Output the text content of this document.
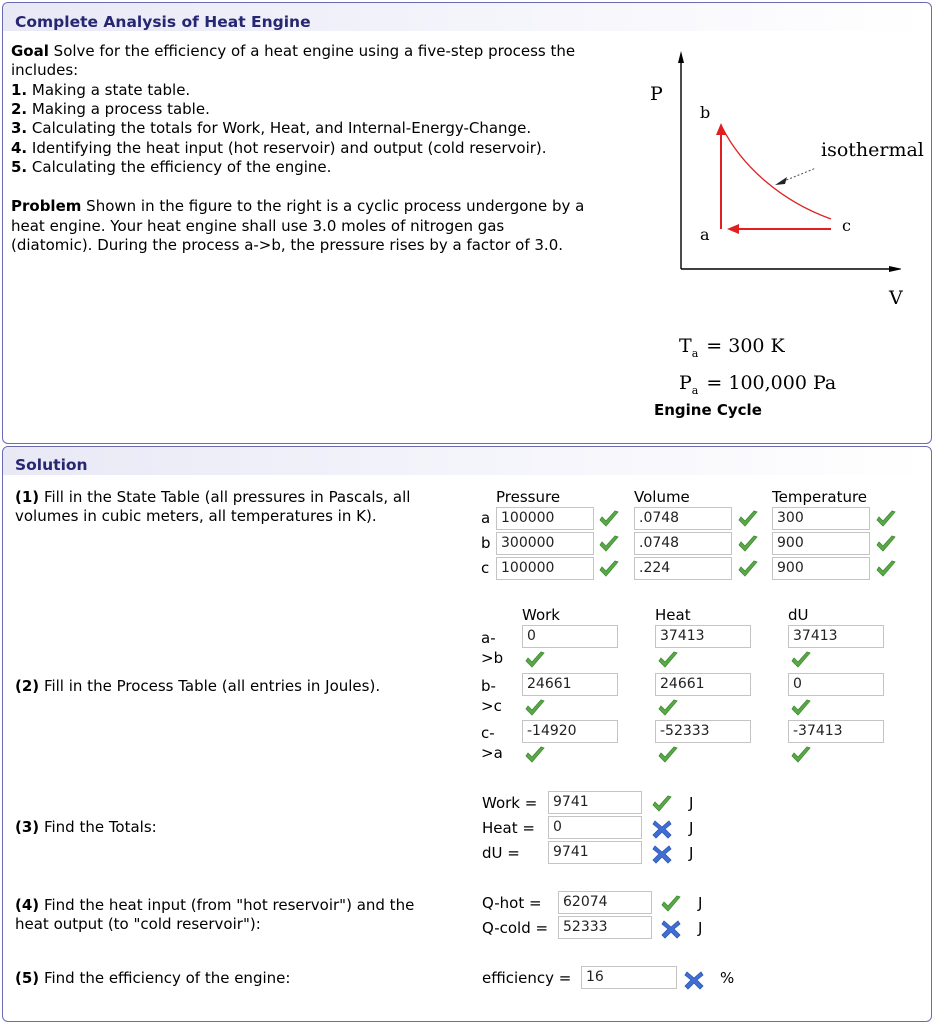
Complete Analysis of Heat Engine
Goal Solve for the efficiency of a heat engine using a five-step process the
includes:
1. Making a state table.
2. Making a process table.
3. Calculating the totals for Work, Heat, and Internal-Energy-Change.
4. Identifying the heat input (hot reservoir) and output (cold reservoir).
5. Calculating the efficiency of the engine.
Problem Shown in the figure to the right is a cyclic process undergone by a
heat engine. Your heat engine shall use 3.0 moles of nitrogen gas
(diatomic). During the process a->b, the pressure rises by a factor of 3.0.
P
V
b
a	c
isothermal
$T_a = 300$ K
$P_a = 100,000$ Pa
Engine Cycle
Solution
(1) Fill in the State Table (all pressures in Pascals, all
volumes in cubic meters, all temperatures in K).
Pressure	Volume	Temperature
a 100000	.0748	300
b 300000	.0748	900
c 100000	.224	900
(2) Fill in the Process Table (all entries in Joules).
Work	Heat	dU
a-
>b
0	37413	37413
b-
>c
24661	24661	0
c-
>a
-14920	-52333	-37413
(3) Find the Totals:
Work =	9741	J
Heat =	0	J
dU =	9741	J
(4) Find the heat input (from "hot reservoir") and the
heat output (to "cold reservoir"):
Q-hot =	62074	J
Q-cold =	52333	J
(5) Find the efficiency of the engine:	efficiency =	16	%
